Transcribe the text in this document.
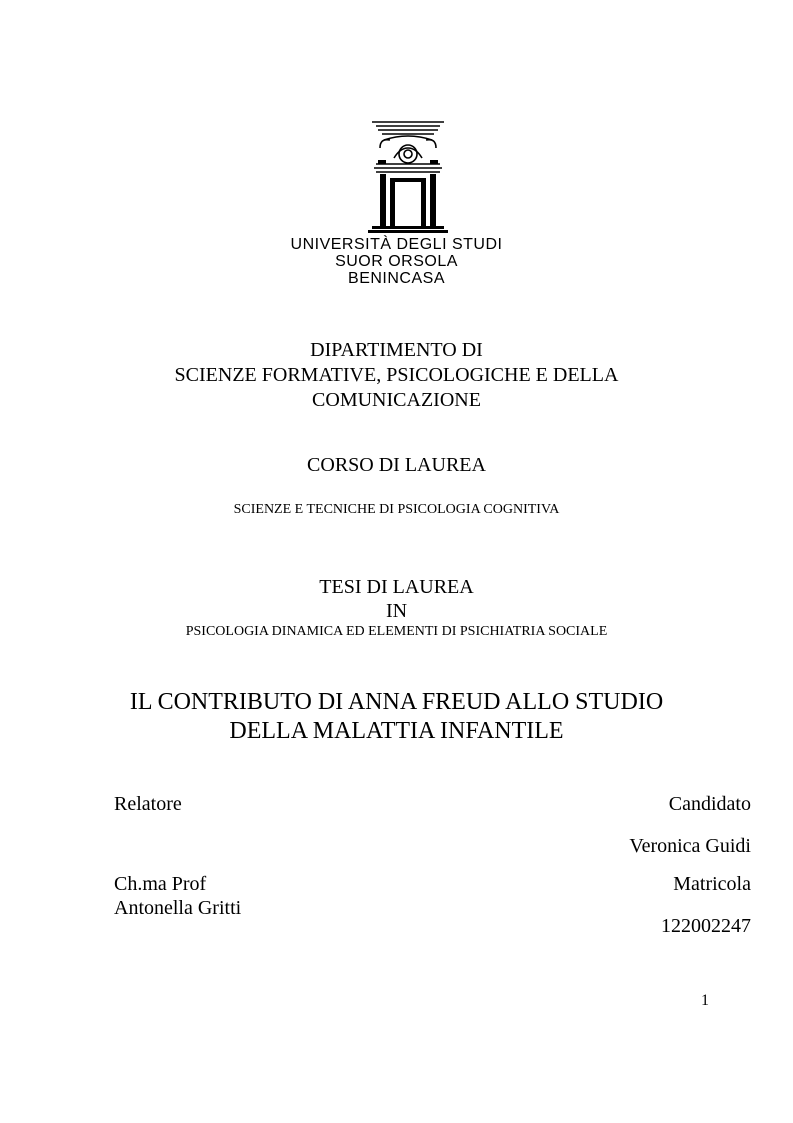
UNIVERSITÀ DEGLI STUDI
SUOR ORSOLA
BENINCASA
DIPARTIMENTO DI
SCIENZE FORMATIVE, PSICOLOGICHE E DELLA
COMUNICAZIONE
CORSO DI LAUREA
SCIENZE E TECNICHE DI PSICOLOGIA COGNITIVA
TESI DI LAUREA
IN
PSICOLOGIA DINAMICA ED ELEMENTI DI PSICHIATRIA SOCIALE
IL CONTRIBUTO DI ANNA FREUD ALLO STUDIO
DELLA MALATTIA INFANTILE
Relatore
Ch.ma Prof
Antonella Gritti
Candidato
Veronica Guidi
Matricola
122002247
1
